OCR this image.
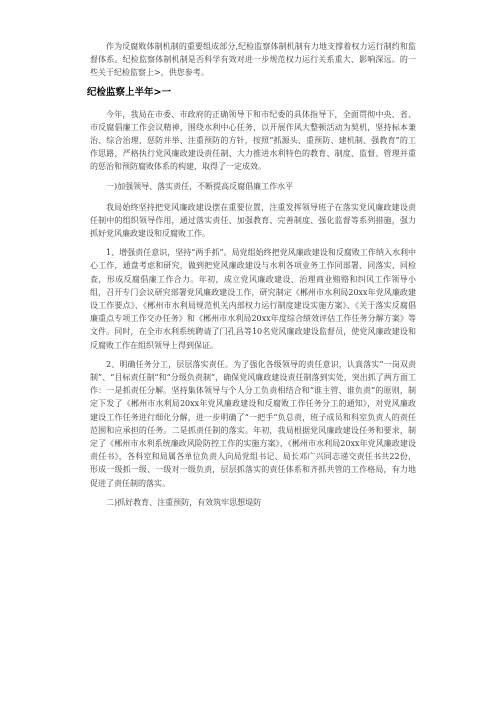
作为反腐败体制机制的重要组成部分,纪检监察体制机制有力地支撑着权力运行制约和监督体系。纪检监察体制机制是否科学有效对进一步规范权力运行关系重大、影响深远。的一些关于纪检监察上>，供您参考。

纪检监察上半年>一

今年，我局在市委、市政府的正确领导下和市纪委的具体指导下，全面贯彻中央、省、市反腐倡廉工作会议精神，围绕水利中心任务，以开展作风大整顿活动为契机，坚持标本兼治、综合治理、惩防并举、注重预防的方针，按照“抓源头、重预防、建机制、强教育”的工作思路，严格执行党风廉政建设责任制、大力推进水利特色的教育、制度、监督、管理并重的惩治和预防腐败体系的构建，取得了一定成效。

一)加强领导、落实责任，不断提高反腐倡廉工作水平

我局始终坚持把党风廉政建设摆在重要位置，注重发挥领导班子在落实党风廉政建设责任制中的组织领导作用，通过落实责任、加强教育、完善制度、强化监督等系列措施，强力抓好党风廉政建设和反腐败工作。

1、增强责任意识，坚持“两手抓”。局党组始终把党风廉政建设和反腐败工作纳入水利中心工作，通盘考虑和研究，做到把党风廉政建设与水利各项业务工作同部署、同落实、同检查，形成反腐倡廉工作合力。年初，成立党风廉政建设、治理商业贿赂和纠风工作领导小组，召开专门会议研究部署党风廉政建设工作，研究制定《郴州市水利局20xx年党风廉政建设工作要点》、《郴州市水利局规范机关内部权力运行制度建设实施方案》、《关于落实反腐倡廉重点专项工作交办任务》和《郴州市水利局20xx年度综合绩效评估工作任务分解方案》等文件。同时，在全市水利系统聘请了门孔昌等10名党风廉政建设监督员，使党风廉政建设和反腐败工作在组织领导上得到保证。

2、明确任务分工，层层落实责任。为了强化各级领导的责任意识，认真落实“一岗双责制”、“目标责任制”和“分级负责制”，确保党风廉政建设责任制落到实处，突出抓了两方面工作：一是抓责任分解。坚持集体领导与个人分工负责相结合和“谁主管、谁负责”的原则，制定下发了《郴州市水利局20xx年党风廉政建设和反腐败工作任务分工的通知》，对党风廉政建设工作任务进行细化分解，进一步明确了“一把手”负总责，班子成员和科室负责人的责任范围和应承担的任务。二是抓责任制的落实。年初，我局根据党风廉政建设任务和要求，制定了《郴州市水利系统廉政风险防控工作的实施方案》、《郴州市水利局20xx年党风廉政建设责任书》，各科室和局属各单位负责人向局党组书记、局长邓广兴同志递交责任书共22份，形成一级抓一级、一级对一级负责，层层抓落实的责任体系和齐抓共管的工作格局，有力地促进了责任制的落实。

二)抓好教育、注重预防，有效筑牢思想堤防
